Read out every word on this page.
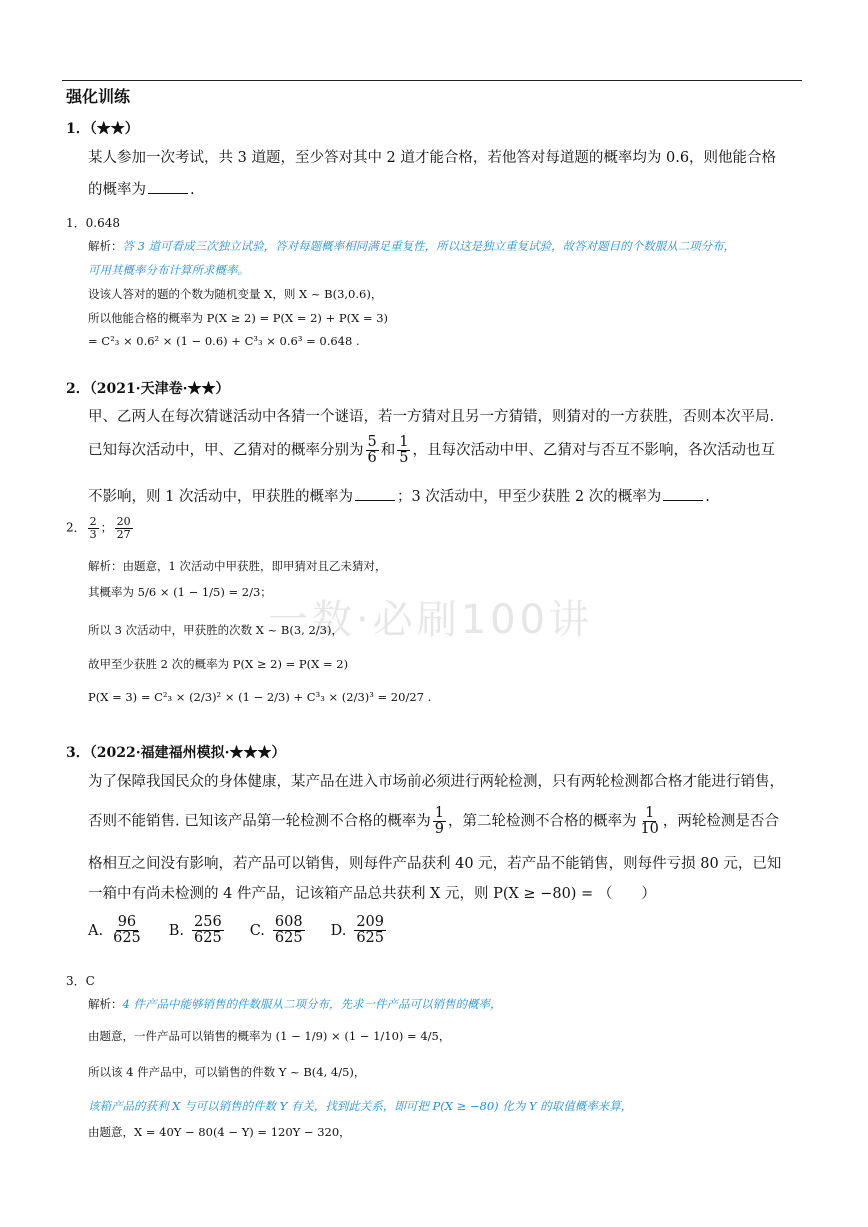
一数·必刷100讲
强化训练
1．（★★）
某人参加一次考试，共 3 道题，至少答对其中 2 道才能合格，若他答对每道题的概率均为 0.6，则他能合格
的概率为	.
1．0.648
解析：答 3 道可看成三次独立试验，答对每题概率相同满足重复性，所以这是独立重复试验，故答对题目的个数服从二项分布，
可用其概率分布计算所求概率。
设该人答对的题的个数为随机变量 X，则 X ~ B(3,0.6)，
所以他能合格的概率为 P(X ≥ 2) = P(X = 2) + P(X = 3)
= C²₃ × 0.6² × (1 − 0.6) + C³₃ × 0.6³ = 0.648 .
2．（2021·天津卷·★★）
甲、乙两人在每次猜谜活动中各猜一个谜语，若一方猜对且另一方猜错，则猜对的一方获胜，否则本次平局.
已知每次活动中，甲、乙猜对的概率分别为 $\frac{5}{6}$ 和 $\frac{1}{5}$ ，且每次活动中甲、乙猜对与否互不影响，各次活动也互
不影响，则 1 次活动中，甲获胜的概率为	；3 次活动中，甲至少获胜 2 次的概率为	.
2． $\frac{2}{3}$ ； $\frac{20}{27}$
解析：由题意，1 次活动中甲获胜，即甲猜对且乙未猜对，
其概率为 5/6 × (1 − 1/5) = 2/3；
所以 3 次活动中，甲获胜的次数 X ~ B(3, 2/3)，
故甲至少获胜 2 次的概率为 P(X ≥ 2) = P(X = 2)
P(X = 3) = C²₃ × (2/3)² × (1 − 2/3) + C³₃ × (2/3)³ = 20/27 .
3．（2022·福建福州模拟·★★★）
为了保障我国民众的身体健康，某产品在进入市场前必须进行两轮检测，只有两轮检测都合格才能进行销售，
否则不能销售. 已知该产品第一轮检测不合格的概率为 $\frac{1}{9}$ ，第二轮检测不合格的概率为 $\frac{1}{10}$ ，两轮检测是否合
格相互之间没有影响，若产品可以销售，则每件产品获利 40 元，若产品不能销售，则每件亏损 80 元，已知
一箱中有尚未检测的 4 件产品，记该箱产品总共获利 X 元，则 P(X ≥ −80) = （　　）
A. $\frac{96}{625} B$. $\frac{256}{625} C$. $\frac{608}{625} D$. $\frac{209}{625}$
3．C
解析：4 件产品中能够销售的件数服从二项分布，先求一件产品可以销售的概率，
由题意，一件产品可以销售的概率为 (1 − 1/9) × (1 − 1/10) = 4/5，
所以该 4 件产品中，可以销售的件数 Y ~ B(4, 4/5)，
该箱产品的获利 X 与可以销售的件数 Y 有关，找到此关系，即可把 P(X ≥ −80) 化为 Y 的取值概率来算，
由题意，X = 40Y − 80(4 − Y) = 120Y − 320，
